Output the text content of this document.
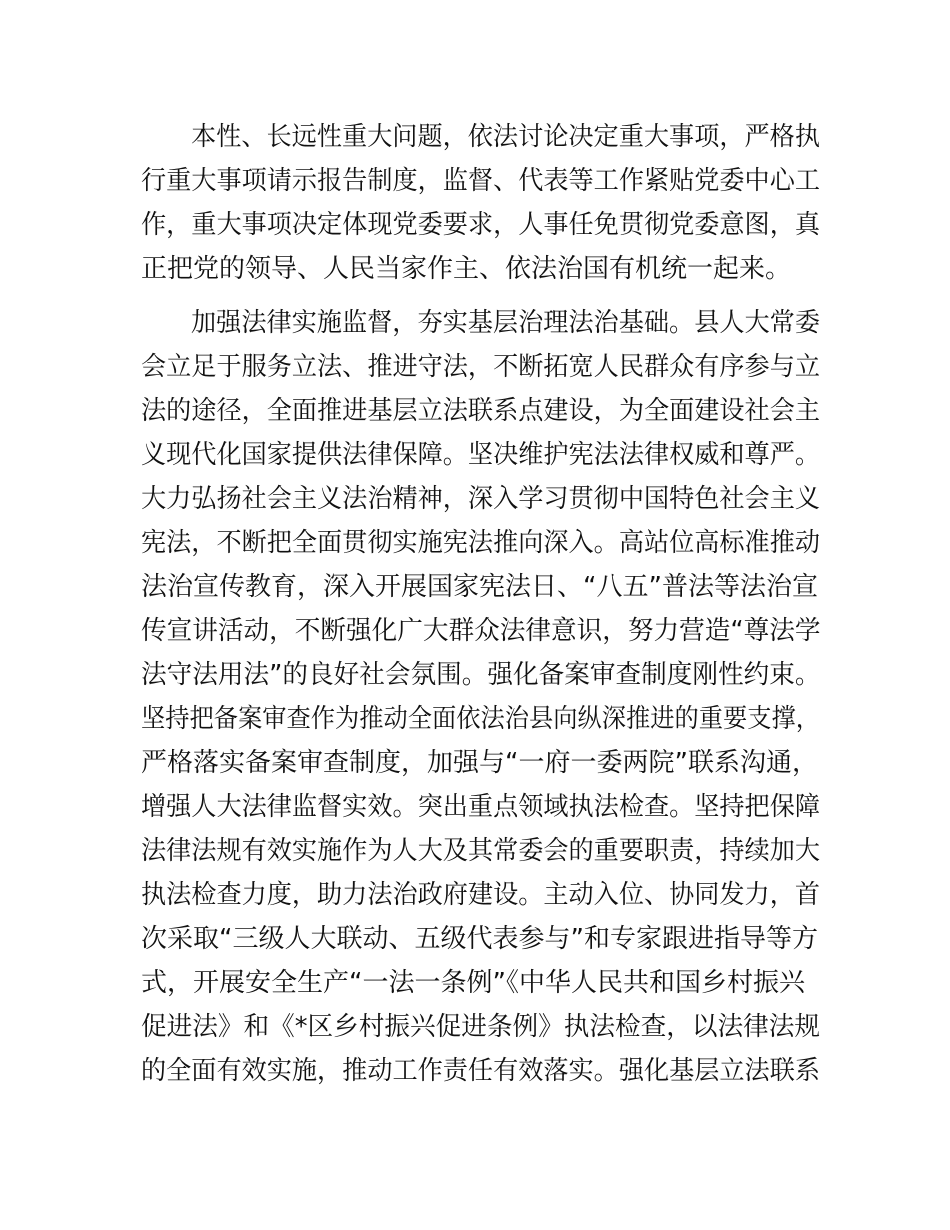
本性、长远性重大问题，依法讨论决定重大事项，严格执
行重大事项请示报告制度，监督、代表等工作紧贴党委中心工
作，重大事项决定体现党委要求，人事任免贯彻党委意图，真
正把党的领导、人民当家作主、依法治国有机统一起来。
加强法律实施监督，夯实基层治理法治基础。县人大常委
会立足于服务立法、推进守法，不断拓宽人民群众有序参与立
法的途径，全面推进基层立法联系点建设，为全面建设社会主
义现代化国家提供法律保障。坚决维护宪法法律权威和尊严。
大力弘扬社会主义法治精神，深入学习贯彻中国特色社会主义
宪法，不断把全面贯彻实施宪法推向深入。高站位高标准推动
法治宣传教育，深入开展国家宪法日、“八五”普法等法治宣
传宣讲活动，不断强化广大群众法律意识，努力营造“尊法学
法守法用法”的良好社会氛围。强化备案审查制度刚性约束。
坚持把备案审查作为推动全面依法治县向纵深推进的重要支撑，
严格落实备案审查制度，加强与“一府一委两院”联系沟通，
增强人大法律监督实效。突出重点领域执法检查。坚持把保障
法律法规有效实施作为人大及其常委会的重要职责，持续加大
执法检查力度，助力法治政府建设。主动入位、协同发力，首
次采取“三级人大联动、五级代表参与”和专家跟进指导等方
式，开展安全生产“一法一条例”《中华人民共和国乡村振兴
促进法》和《*区乡村振兴促进条例》执法检查，以法律法规
的全面有效实施，推动工作责任有效落实。强化基层立法联系
